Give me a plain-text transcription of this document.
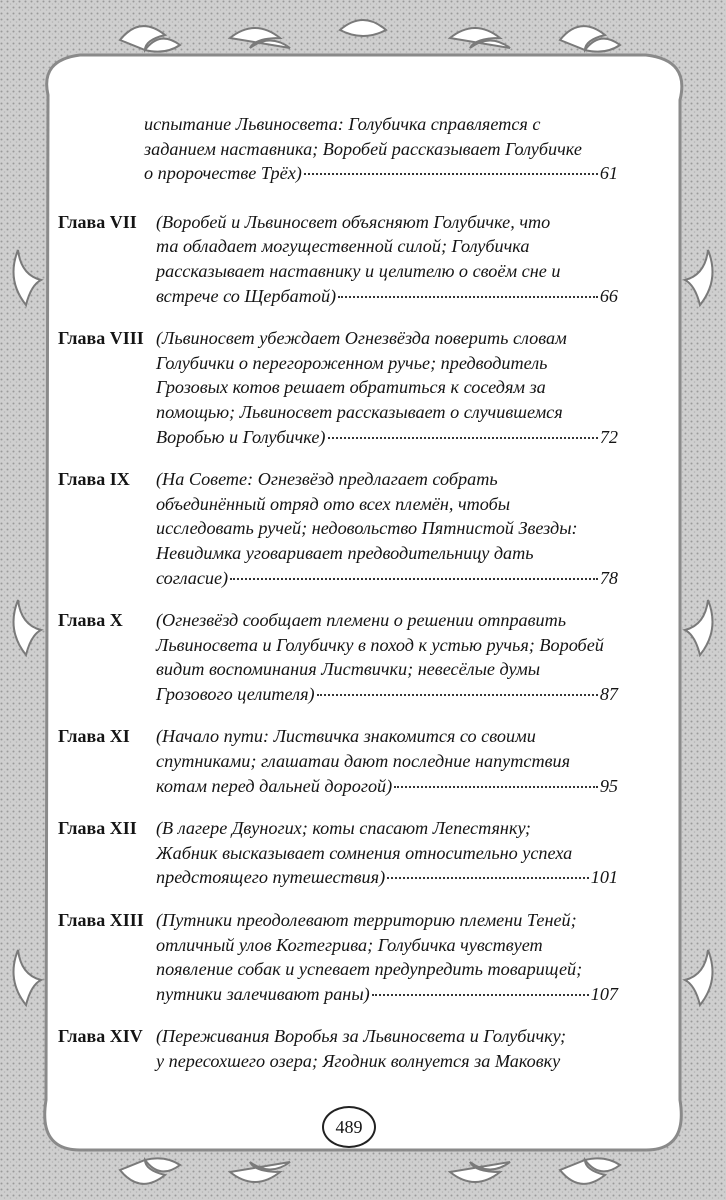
испытание Львиносвета: Голубичка справляется с
заданием наставника; Воробей рассказывает Голубичке
о пророчестве Трёх)	61
Глава VII (Воробей и Львиносвет объясняют Голубичке, что
та обладает могущественной силой; Голубичка
рассказывает наставнику и целителю о своём сне и
встрече со Щербатой)	66
Глава VIII (Львиносвет убеждает Огнезвёзда поверить словам
Голубички о перегороженном ручье; предводитель
Грозовых котов решает обратиться к соседям за
помощью; Львиносвет рассказывает о случившемся
Воробью и Голубичке)	72
Глава IX (На Совете: Огнезвёзд предлагает собрать
объединённый отряд ото всех племён, чтобы
исследовать ручей; недовольство Пятнистой Звезды:
Невидимка уговаривает предводительницу дать
согласие)	78
Глава X (Огнезвёзд сообщает племени о решении отправить
Львиносвета и Голубичку в поход к устью ручья; Воробей
видит воспоминания Листвички; невесёлые думы
Грозового целителя)	87
Глава XI (Начало пути: Листвичка знакомится со своими
спутниками; глашатаи дают последние напутствия
котам перед дальней дорогой)	95
Глава XII (В лагере Двуногих; коты спасают Лепестянку;
Жабник высказывает сомнения относительно успеха
предстоящего путешествия)	101
Глава XIII (Путники преодолевают территорию племени Теней;
отличный улов Когтегрива; Голубичка чувствует
появление собак и успевает предупредить товарищей;
путники залечивают раны)	107
Глава XIV (Переживания Воробья за Львиносвета и Голубичку;
у пересохшего озера; Ягодник волнуется за Маковку
489
